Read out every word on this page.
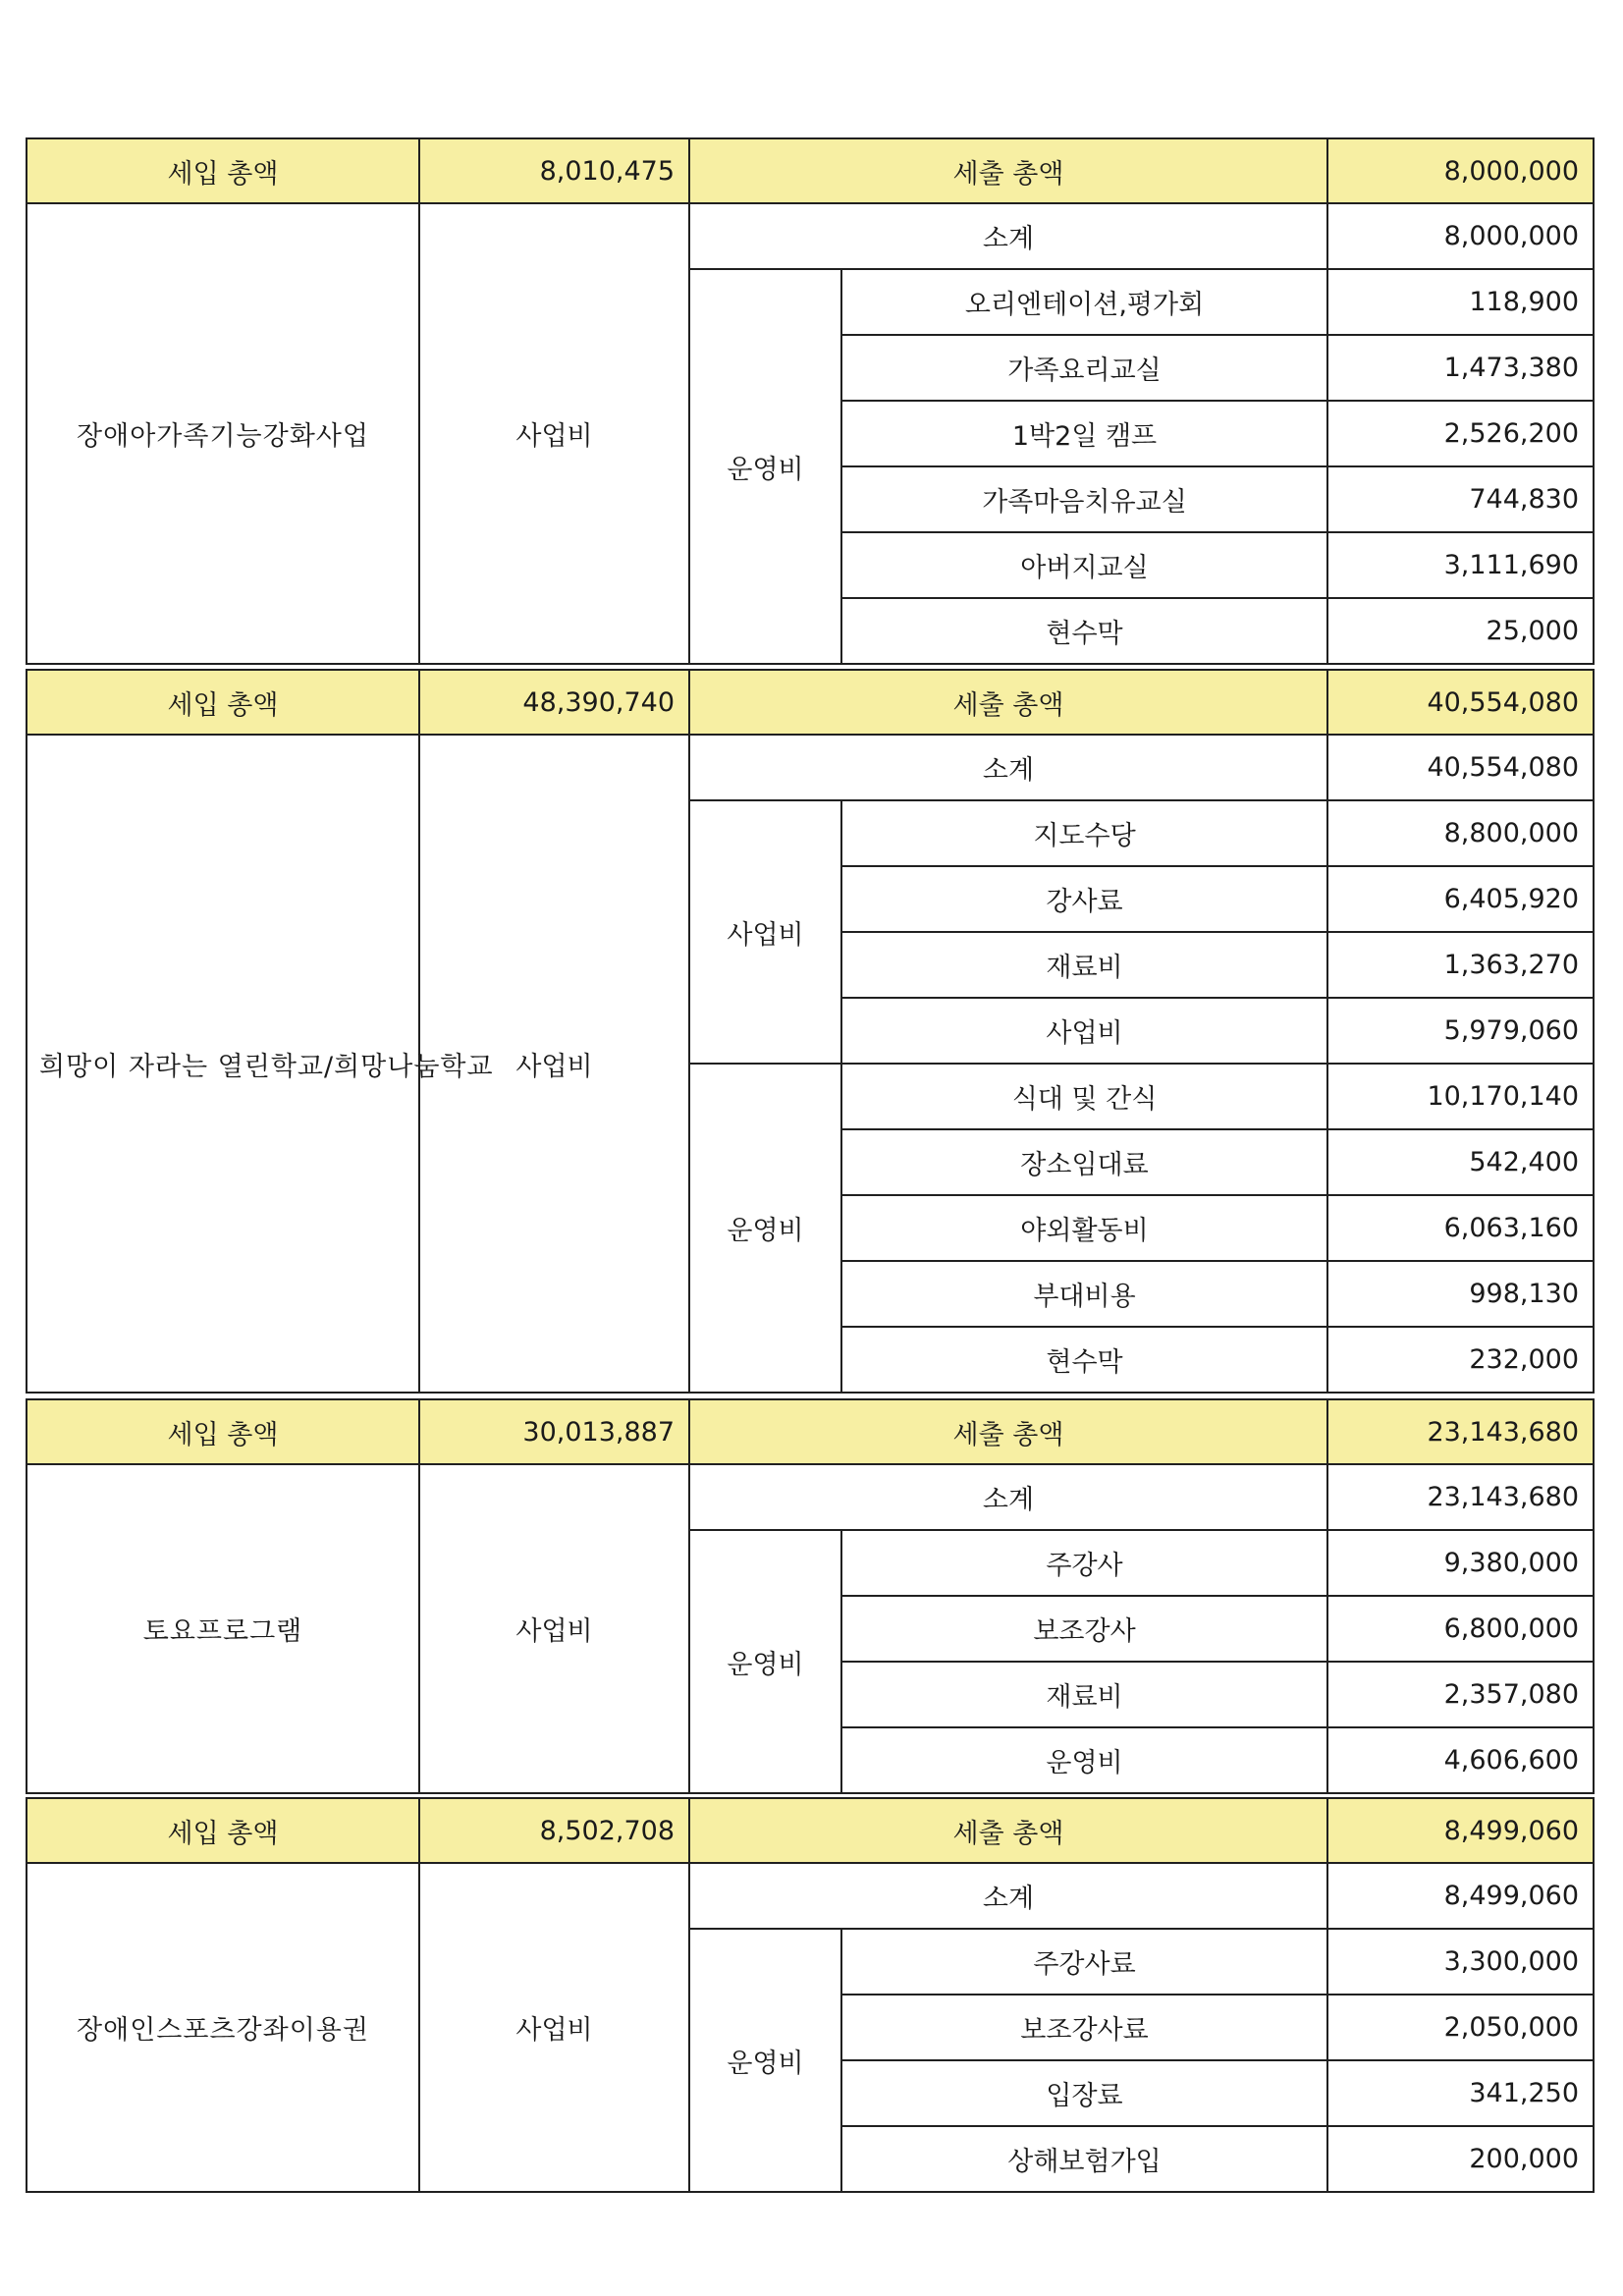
세입 총액	8,010,475	세출 총액		8,000,000
장애아가족기능강화사업	사업비	소계		8,000,000
		운영비	오리엔테이션,평가회	118,900
			가족요리교실	1,473,380
			1박2일 캠프	2,526,200
			가족마음치유교실	744,830
			아버지교실	3,111,690
			현수막	25,000
세입 총액	48,390,740	세출 총액		40,554,080
희망이 자라는 열린학교/희망나눔학교	사업비	소계		40,554,080
		사업비	지도수당	8,800,000
			강사료	6,405,920
			재료비	1,363,270
			사업비	5,979,060
		운영비	식대 및 간식	10,170,140
			장소임대료	542,400
			야외활동비	6,063,160
			부대비용	998,130
			현수막	232,000
세입 총액	30,013,887	세출 총액		23,143,680
토요프로그램	사업비	소계		23,143,680
		운영비	주강사	9,380,000
			보조강사	6,800,000
			재료비	2,357,080
			운영비	4,606,600
세입 총액	8,502,708	세출 총액		8,499,060
장애인스포츠강좌이용권	사업비	소계		8,499,060
		운영비	주강사료	3,300,000
			보조강사료	2,050,000
			입장료	341,250
			상해보험가입	200,000
